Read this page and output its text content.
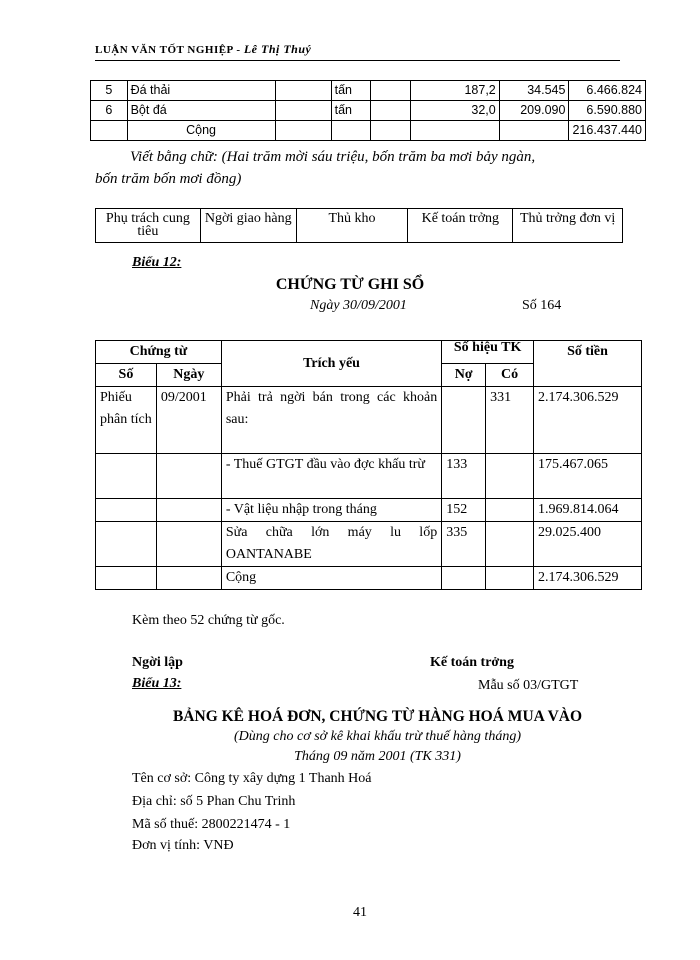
LUẬN VĂN TỐT NGHIỆP - Lê Thị Thuý
5	Đá thải		tấn		187,2	34.545	6.466.824
6	Bột đá		tấn		32,0	209.090	6.590.880
	Cộng						216.437.440
Viết bằng chữ: (Hai trăm mời sáu triệu, bốn trăm ba mơi bảy ngàn,
bốn trăm bốn mơi đồng)
Phụ trách cung tiêu	Ngời giao hàng	Thủ kho	Kế toán trởng	Thủ trởng đơn vị
Biểu 12:
CHỨNG TỪ GHI SỔ
Ngày 30/09/2001	Số 164
Chứng từ		Trích yếu	Số hiệu TK		Số tiền
Số	Ngày		Nợ	Có	
Phiếu phân tích	09/2001	Phải trả ngời bán trong các khoản sau:		331	2.174.306.529
		- Thuế GTGT đầu vào đợc khấu trừ	133		175.467.065
		- Vật liệu nhập trong tháng	152		1.969.814.064
		Sửa chữa lớn máy lu lốp OANTANABE	335		29.025.400
		Cộng			2.174.306.529
Kèm theo 52 chứng từ gốc.
Ngời lập	Kế toán trởng
Biểu 13:	Mẫu số 03/GTGT
BẢNG KÊ HOÁ ĐƠN, CHỨNG TỪ HÀNG HOÁ MUA VÀO
(Dùng cho cơ sở kê khai khấu trừ thuế hàng tháng)
Tháng 09 năm 2001 (TK 331)
Tên cơ sở: Công ty xây dựng 1 Thanh Hoá
Địa chỉ: số 5 Phan Chu Trinh
Mã số thuế: 2800221474 - 1
Đơn vị tính: VNĐ
41
